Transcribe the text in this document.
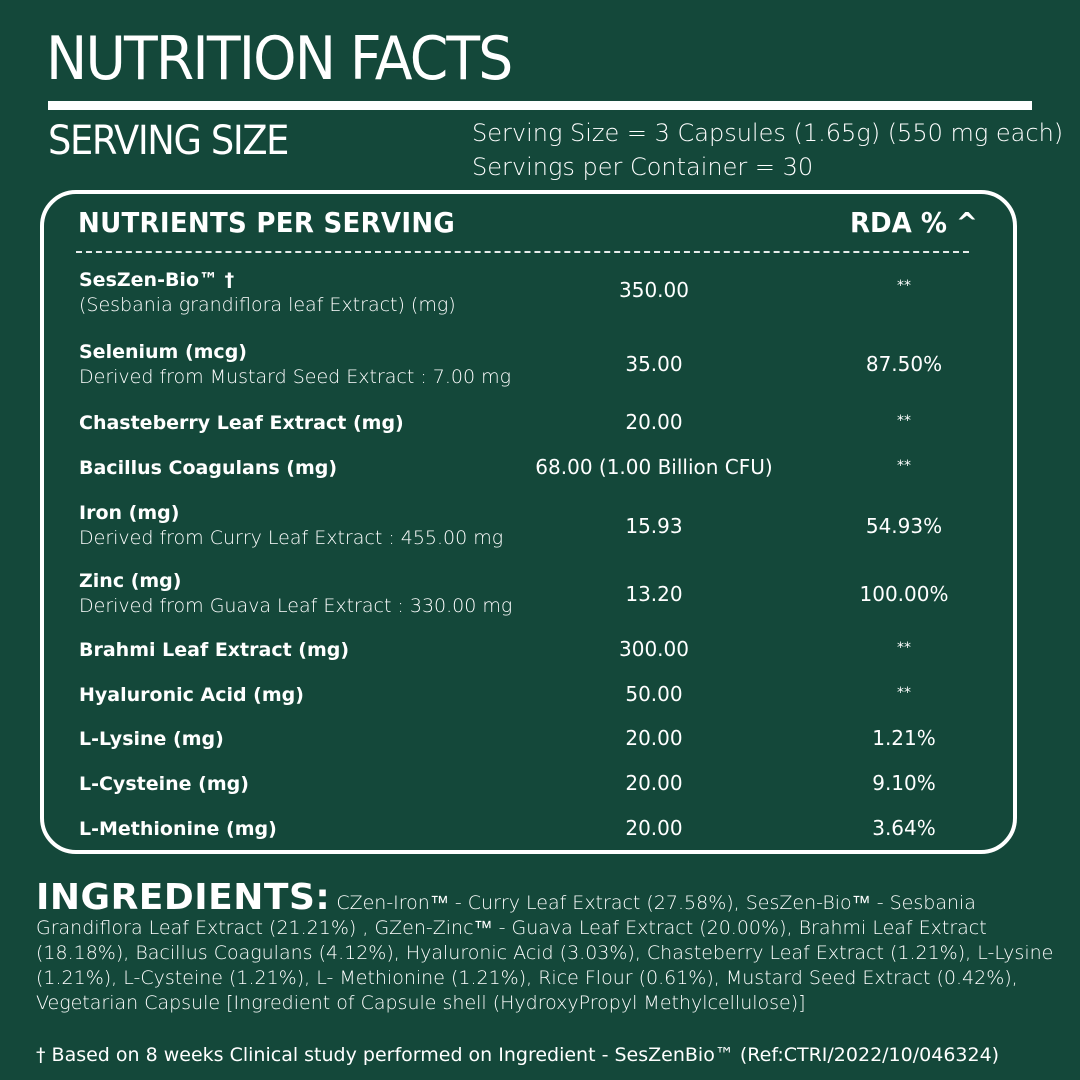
NUTRITION FACTS
SERVING SIZE	Serving Size = 3 Capsules (1.65g) (550 mg each)
Servings per Container = 30
NUTRIENTS PER SERVING	RDA % ^
SesZen-Bio™ †
(Sesbania grandiflora leaf Extract) (mg)
350.00	**
Selenium (mcg)
Derived from Mustard Seed Extract : 7.00 mg
35.00	87.50%
Chasteberry Leaf Extract (mg)	20.00	**
Bacillus Coagulans (mg)	68.00 (1.00 Billion CFU)	**
Iron (mg)
Derived from Curry Leaf Extract : 455.00 mg	15.93	54.93%
Zinc (mg)
Derived from Guava Leaf Extract : 330.00 mg	13.20	100.00%
Brahmi Leaf Extract (mg)	300.00	**
Hyaluronic Acid (mg)	50.00	**
L-Lysine (mg)	20.00	1.21%
L-Cysteine (mg)	20.00	9.10%
L-Methionine (mg)	20.00	3.64%
INGREDIENTS: CZen-Iron™ - Curry Leaf Extract (27.58%), SesZen-Bio™ - Sesbania Grandiflora Leaf Extract (21.21%) , GZen-Zinc™ - Guava Leaf Extract (20.00%), Brahmi Leaf Extract (18.18%), Bacillus Coagulans (4.12%), Hyaluronic Acid (3.03%), Chasteberry Leaf Extract (1.21%), L-Lysine (1.21%), L-Cysteine (1.21%), L- Methionine (1.21%), Rice Flour (0.61%), Mustard Seed Extract (0.42%), Vegetarian Capsule [Ingredient of Capsule shell (HydroxyPropyl Methylcellulose)]
† Based on 8 weeks Clinical study performed on Ingredient - SesZenBio™ (Ref:CTRI/2022/10/046324)
